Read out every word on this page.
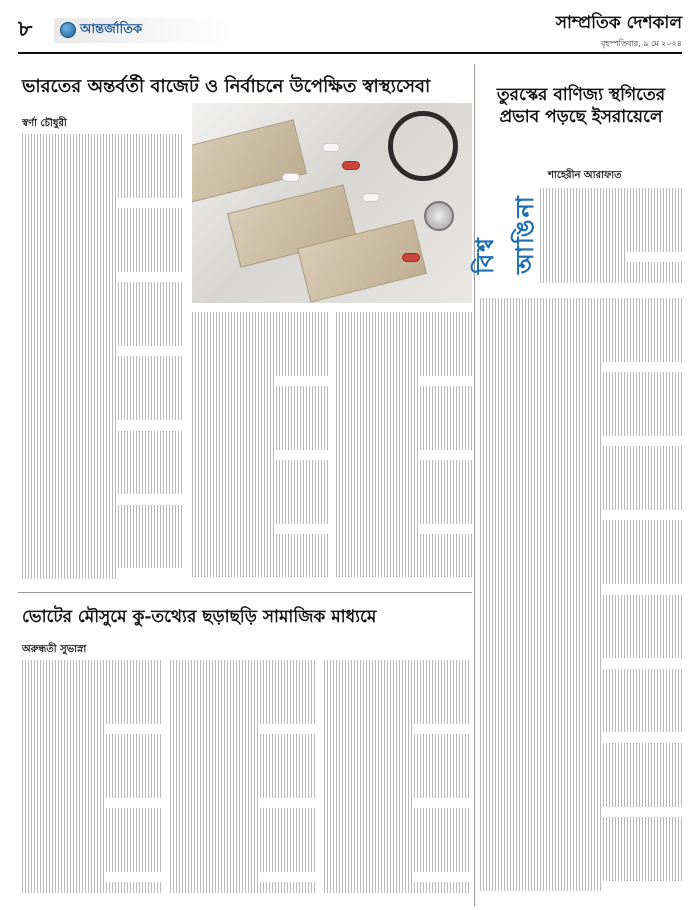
৮	আন্তর্জাতিক	সাম্প্রতিক দেশকাল
বৃহস্পতিবার, ৯ মে ২০২৪
ভারতের অন্তর্বর্তী বাজেট ও নির্বাচনে উপেক্ষিত স্বাস্থ্যসেবা
স্বর্ণা চৌধুরী
ভোটের মৌসুমে কু-তথ্যের ছড়াছড়ি সামাজিক মাধ্যমে
অরুন্ধতী সুভাস্না
তুরস্কের বাণিজ্য স্থগিতের প্রভাব পড়ছে ইসরায়েলে
বিশ্ব আঙিনা
শাহেরীন আরাফাত
